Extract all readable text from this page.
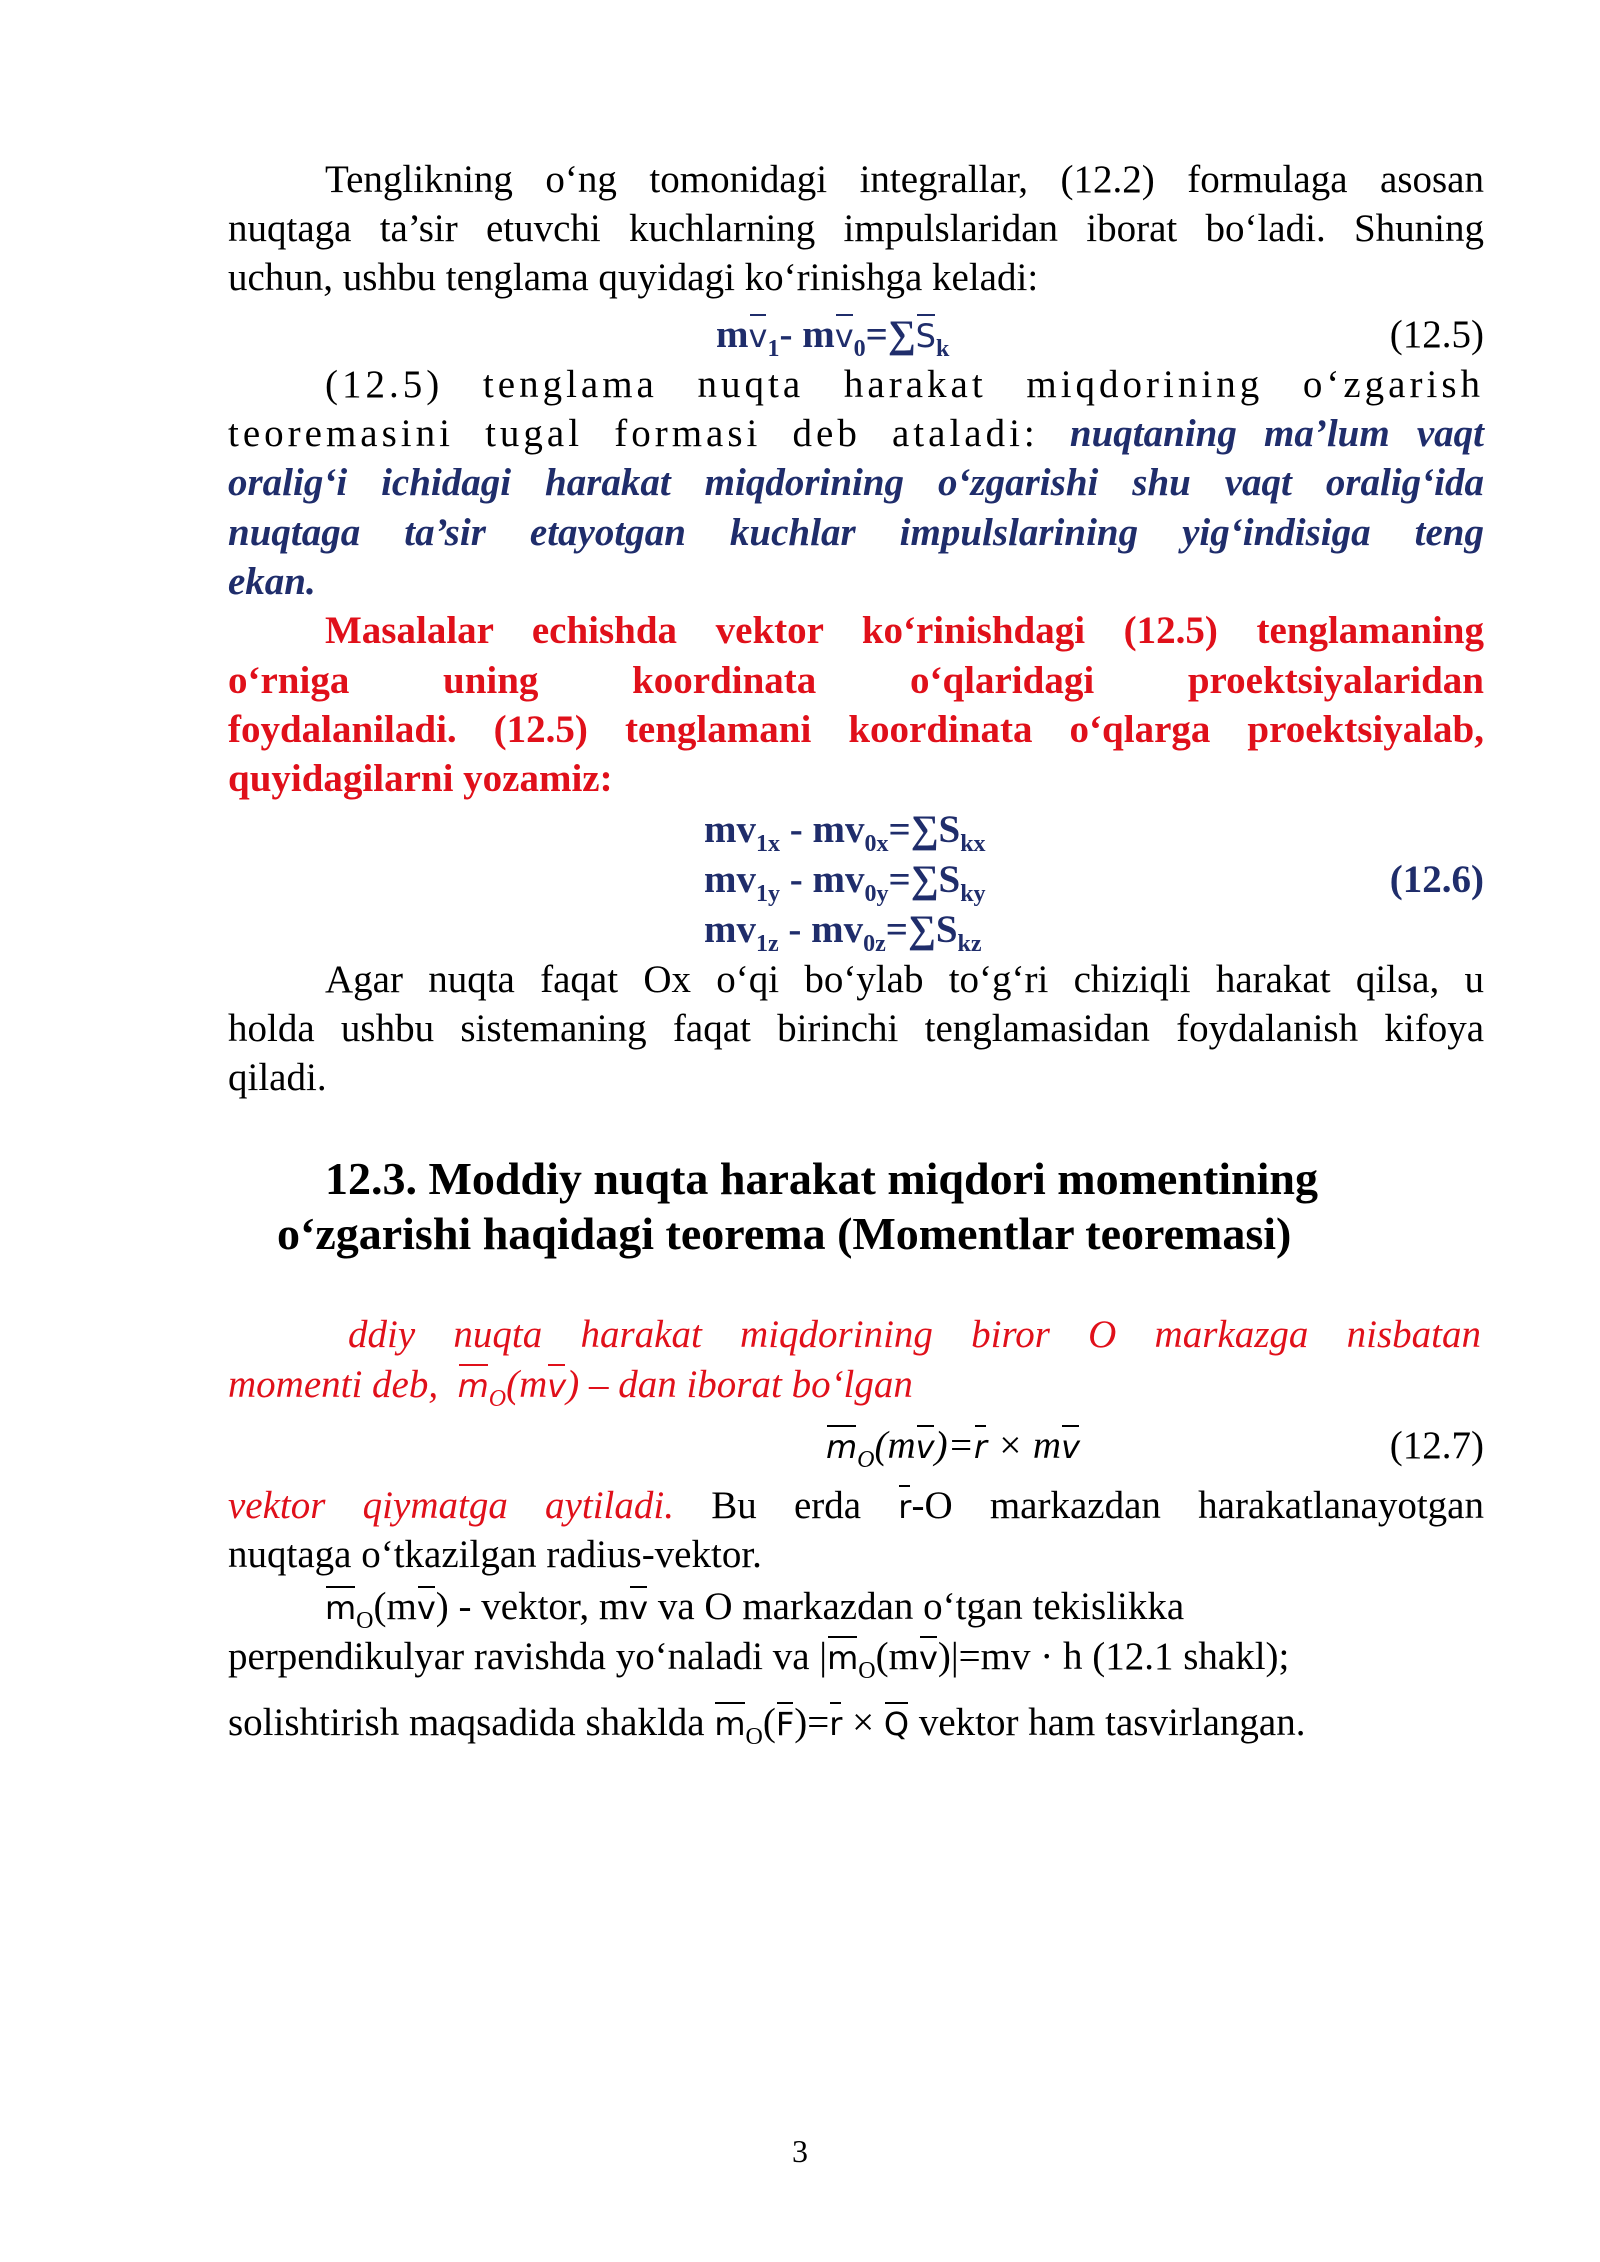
Tenglikning o‘ng tomonidagi integrallar, (12.2) formulaga asosan
nuqtaga ta’sir etuvchi kuchlarning impulslaridan iborat bo‘ladi. Shuning
uchun, ushbu tenglama quyidagi ko‘rinishga keladi:
$mv_1-$ $mv_0=\sum S_k$	(12.5)
(12.5) tenglama nuqta harakat miqdorining o‘zgarish
teoremasini tugal formasi deb ataladi: nuqtaning ma’lum vaqt
oralig‘i ichidagi harakat miqdorining o‘zgarishi shu vaqt oralig‘ida
nuqtaga ta’sir etayotgan kuchlar impulslarining yig‘indisiga teng
ekan.
Masalalar echishda vektor ko‘rinishdagi (12.5) tenglamaning
o‘rniga uning koordinata o‘qlaridagi proektsiyalaridan
foydalaniladi. (12.5) tenglamani koordinata o‘qlarga proektsiyalab,
quyidagilarni yozamiz:
$mv_{1x} - mv_{0x}=\sum S_{kx}$
$mv_{1y} - mv_{0y}=\sum S_{ky}$	(12.6)
$mv_{1z} - mv_{0z}=\sum S_{kz}$
Agar nuqta faqat Ox o‘qi bo‘ylab to‘g‘ri chiziqli harakat qilsa, u
holda ushbu sistemaning faqat birinchi tenglamasidan foydalanish kifoya
qiladi.
12.3. Moddiy nuqta harakat miqdori momentining
o‘zgarishi haqidagi teorema (Momentlar teoremasi)
ddiy nuqta harakat miqdorining biror O markazga nisbatan
momenti deb, $m_O(mv)$ – dan iborat bo‘lgan
$m_O(mv)=r$ × mv	(12.7)
vektor qiymatga aytiladi. Bu erda r-O markazdan harakatlanayotgan
nuqtaga o‘tkazilgan radius-vektor.
$m_O(mv)$ - vektor, mv va O markazdan o‘tgan tekislikka
perpendikulyar ravishda yo‘naladi va $|m_O(mv)|=mv \cdot h$ (12.1 shakl);
solishtirish maqsadida shaklda $m_O(F)=r \times Q$ vektor ham tasvirlangan.
3
